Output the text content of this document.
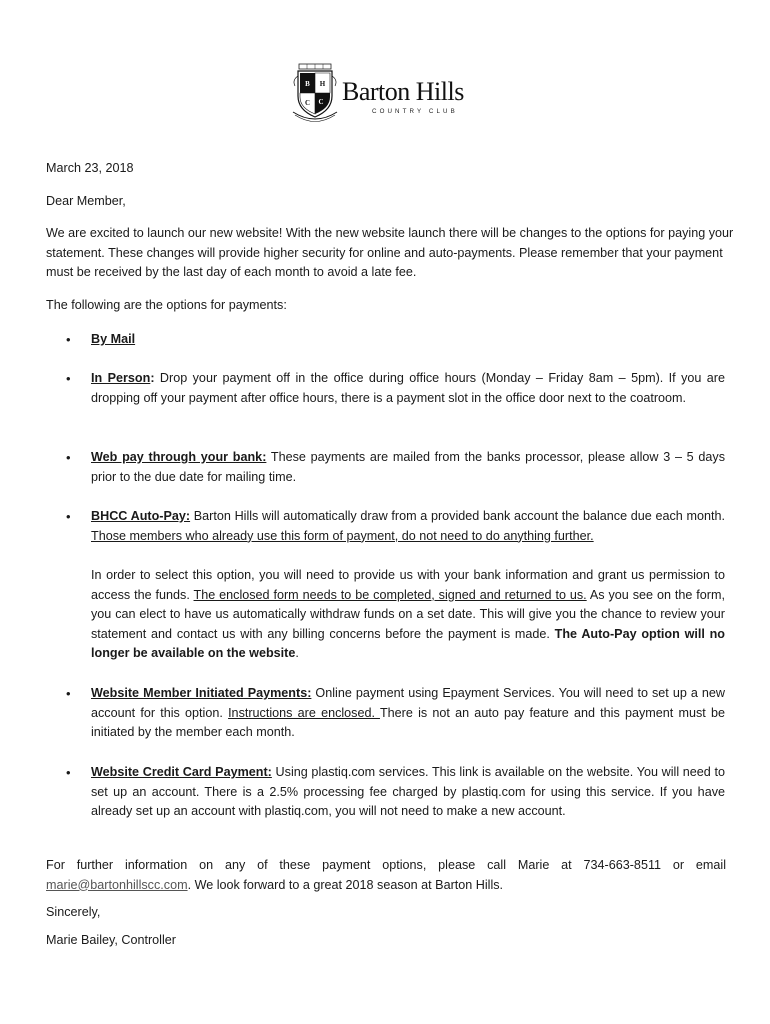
B H
C C Barton Hills
COUNTRY CLUB

March 23, 2018

Dear Member,

We are excited to launch our new website! With the new website launch there will be changes to the options for paying your statement. These changes will provide higher security for online and auto-payments. Please remember that your payment must be received by the last day of each month to avoid a late fee.

The following are the options for payments:

• By Mail

• In Person: Drop your payment off in the office during office hours (Monday – Friday 8am – 5pm). If you are dropping off your payment after office hours, there is a payment slot in the office door next to the coatroom.

• Web pay through your bank: These payments are mailed from the banks processor, please allow 3 – 5 days prior to the due date for mailing time.

• BHCC Auto-Pay: Barton Hills will automatically draw from a provided bank account the balance due each month. Those members who already use this form of payment, do not need to do anything further.

In order to select this option, you will need to provide us with your bank information and grant us permission to access the funds. The enclosed form needs to be completed, signed and returned to us. As you see on the form, you can elect to have us automatically withdraw funds on a set date. This will give you the chance to review your statement and contact us with any billing concerns before the payment is made. The Auto-Pay option will no longer be available on the website.

• Website Member Initiated Payments: Online payment using Epayment Services. You will need to set up a new account for this option. Instructions are enclosed. There is not an auto pay feature and this payment must be initiated by the member each month.

• Website Credit Card Payment: Using plastiq.com services. This link is available on the website. You will need to set up an account. There is a 2.5% processing fee charged by plastiq.com for using this service. If you have already set up an account with plastiq.com, you will not need to make a new account.

For further information on any of these payment options, please call Marie at 734-663-8511 or email marie@bartonhillscc.com. We look forward to a great 2018 season at Barton Hills.

Sincerely,

Marie Bailey, Controller
